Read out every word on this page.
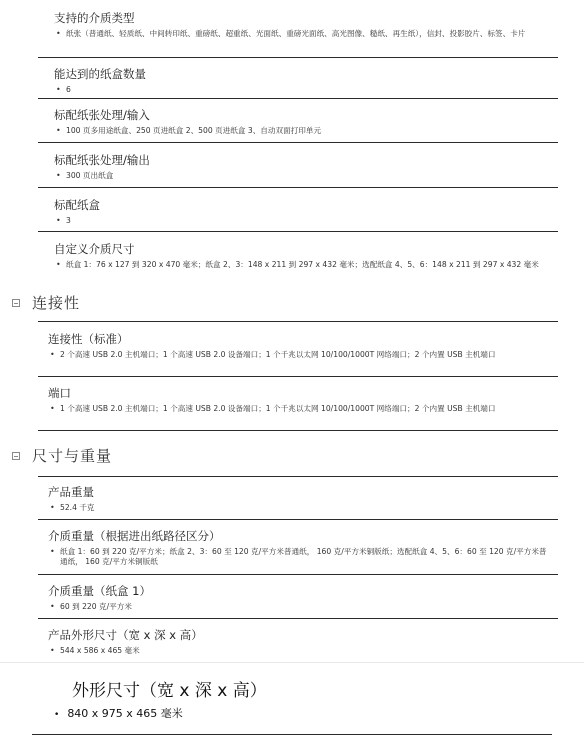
支持的介质类型
• 纸张（普通纸、轻质纸、中间转印纸、重磅纸、超重纸、光面纸、重磅光面纸、高光图像、糙纸、再生纸），信封、投影胶片、标签、卡片
能达到的纸盒数量
• 6
标配纸张处理/输入
• 100 页多用途纸盒、250 页进纸盒 2、500 页进纸盒 3、自动双面打印单元
标配纸张处理/输出
• 300 页出纸盒
标配纸盒
• 3
自定义介质尺寸
• 纸盒 1：76 x 127 到 320 x 470 毫米；纸盒 2、3：148 x 211 到 297 x 432 毫米；选配纸盒 4、5、6：148 x 211 到 297 x 432 毫米
连接性
连接性（标准）
• 2 个高速 USB 2.0 主机端口；1 个高速 USB 2.0 设备端口；1 个千兆以太网 10/100/1000T 网络端口；2 个内置 USB 主机端口
端口
• 1 个高速 USB 2.0 主机端口；1 个高速 USB 2.0 设备端口；1 个千兆以太网 10/100/1000T 网络端口；2 个内置 USB 主机端口
尺寸与重量
产品重量
• 52.4 千克
介质重量（根据进出纸路径区分）
• 纸盒 1：60 到 220 克/平方米；纸盒 2、3：60 至 120 克/平方米普通纸， 160 克/平方米铜版纸；选配纸盒 4、5、6：60 至 120 克/平方米普通纸， 160 克/平方米铜版纸
介质重量（纸盒 1）
• 60 到 220 克/平方米
产品外形尺寸（宽 x 深 x 高）
• 544 x 586 x 465 毫米
外形尺寸（宽 x 深 x 高）
• 840 x 975 x 465 毫米
